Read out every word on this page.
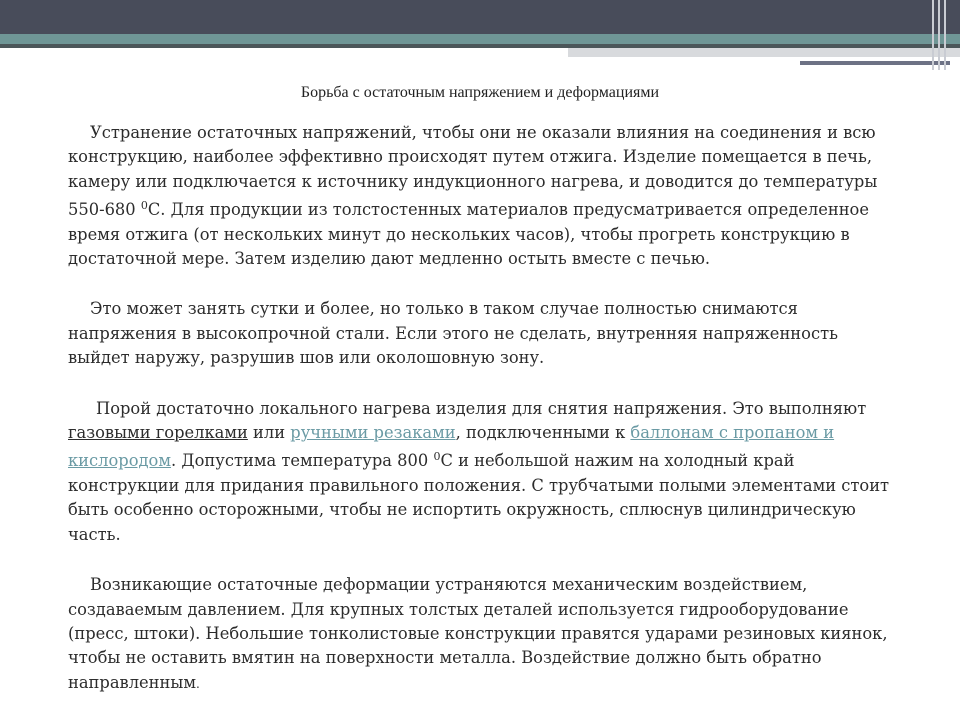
Борьба с остаточным напряжением и деформациями

Устранение остаточных напряжений, чтобы они не оказали влияния на соединения и всю конструкцию, наиболее эффективно происходят путем отжига. Изделие помещается в печь, камеру или подключается к источнику индукционного нагрева, и доводится до температуры 550-680 $^0$С. Для продукции из толстостенных материалов предусматривается определенное время отжига (от нескольких минут до нескольких часов), чтобы прогреть конструкцию в достаточной мере. Затем изделию дают медленно остыть вместе с печью.

Это может занять сутки и более, но только в таком случае полностью снимаются напряжения в высокопрочной стали. Если этого не сделать, внутренняя напряженность выйдет наружу, разрушив шов или околошовную зону.

Порой достаточно локального нагрева изделия для снятия напряжения. Это выполняют газовыми горелками или ручными резаками, подключенными к баллонам с пропаном и кислородом. Допустима температура 800 $^0$С и небольшой нажим на холодный край конструкции для придания правильного положения. С трубчатыми полыми элементами стоит быть особенно осторожными, чтобы не испортить окружность, сплюснув цилиндрическую часть.

Возникающие остаточные деформации устраняются механическим воздействием, создаваемым давлением. Для крупных толстых деталей используется гидрооборудование (пресс, штоки). Небольшие тонколистовые конструкции правятся ударами резиновых киянок, чтобы не оставить вмятин на поверхности металла. Воздействие должно быть обратно направленным.
